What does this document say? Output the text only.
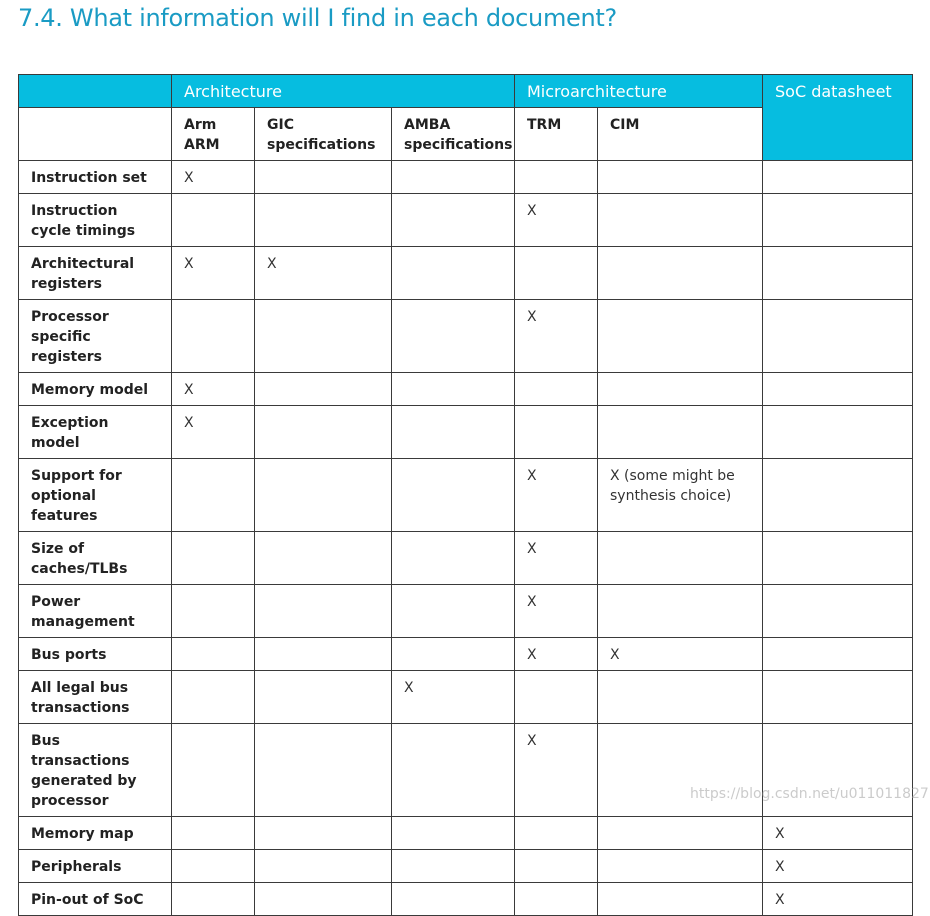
7.4. What information will I find in each document?
	Architecture			Microarchitecture		SoC datasheet
	Arm ARM	GIC specifications	AMBA specifications	TRM	CIM	
Instruction set	X					
Instruction cycle timings				X		
Architectural registers	X	X				
Processor specific registers				X		
Memory model	X					
Exception model	X					
Support for optional features				X	X (some might be synthesis choice)	
Size of caches/TLBs				X		
Power management				X		
Bus ports				X	X	
All legal bus transactions			X			
Bus transactions generated by processor				X		
Memory map						X
Peripherals						X
Pin-out of SoC						X
https://blog.csdn.net/u011011827
